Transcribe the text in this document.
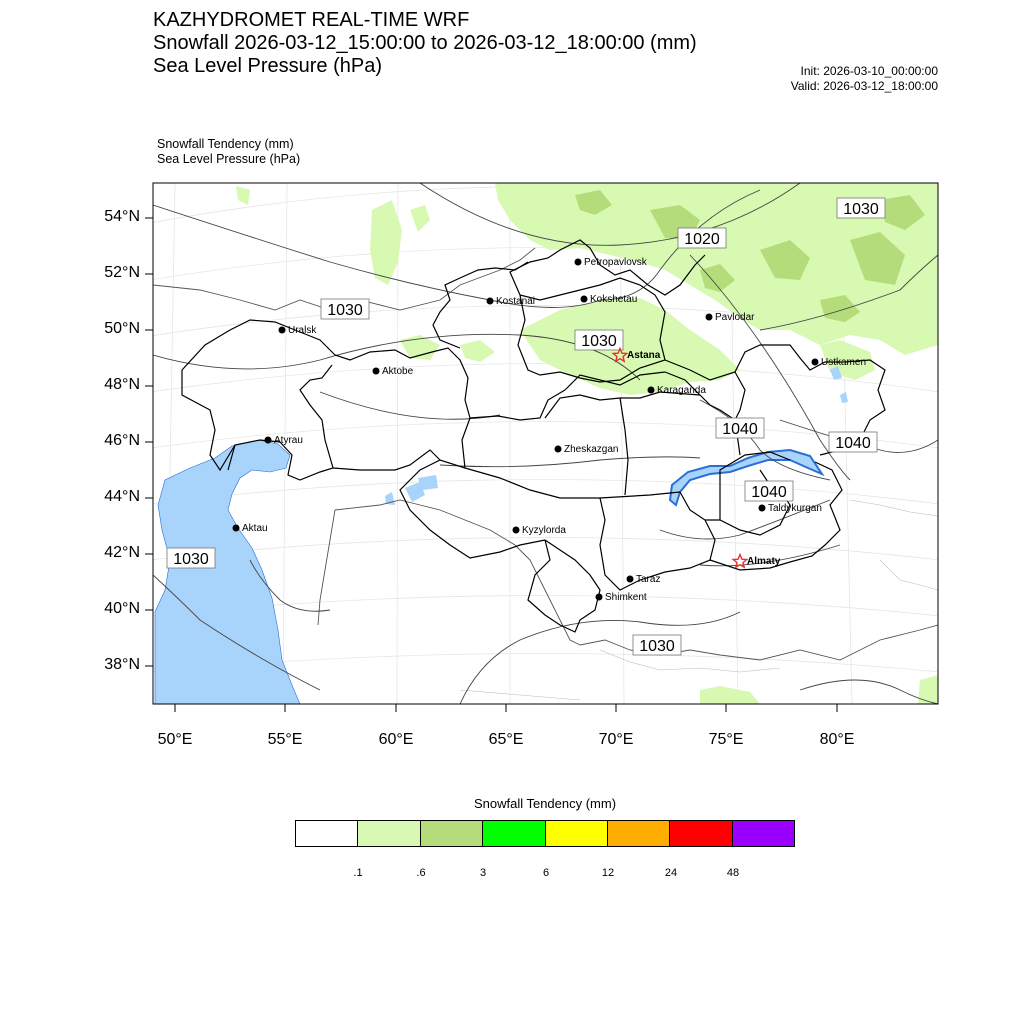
KAZHYDROMET REAL-TIME WRF
Snowfall 2026-03-12_15:00:00 to 2026-03-12_18:00:00 (mm)
Sea Level Pressure (hPa)	Init: 2026-03-10_00:00:00
Valid: 2026-03-12_18:00:00
Snowfall Tendency (mm)
Sea Level Pressure (hPa)
1030
1020
1030
1030
1040
1040
1040
1030
1030
Petropavlovsk
Kostanai	Kokshetau
Uralsk
Pavlodar
Astana
Aktobe
Karaganda
Ustkamen
Atyrau
Zheskazgan
Aktau	Kyzylorda
Taldykurgan
Almaty
Taraz
Shimkent
54°N
52°N
50°N
48°N
46°N
44°N
42°N
40°N
38°N
50°E	55°E	60°E	65°E	70°E	75°E	80°E
Snowfall Tendency (mm)
.1	.6	3	6	12	24	48
